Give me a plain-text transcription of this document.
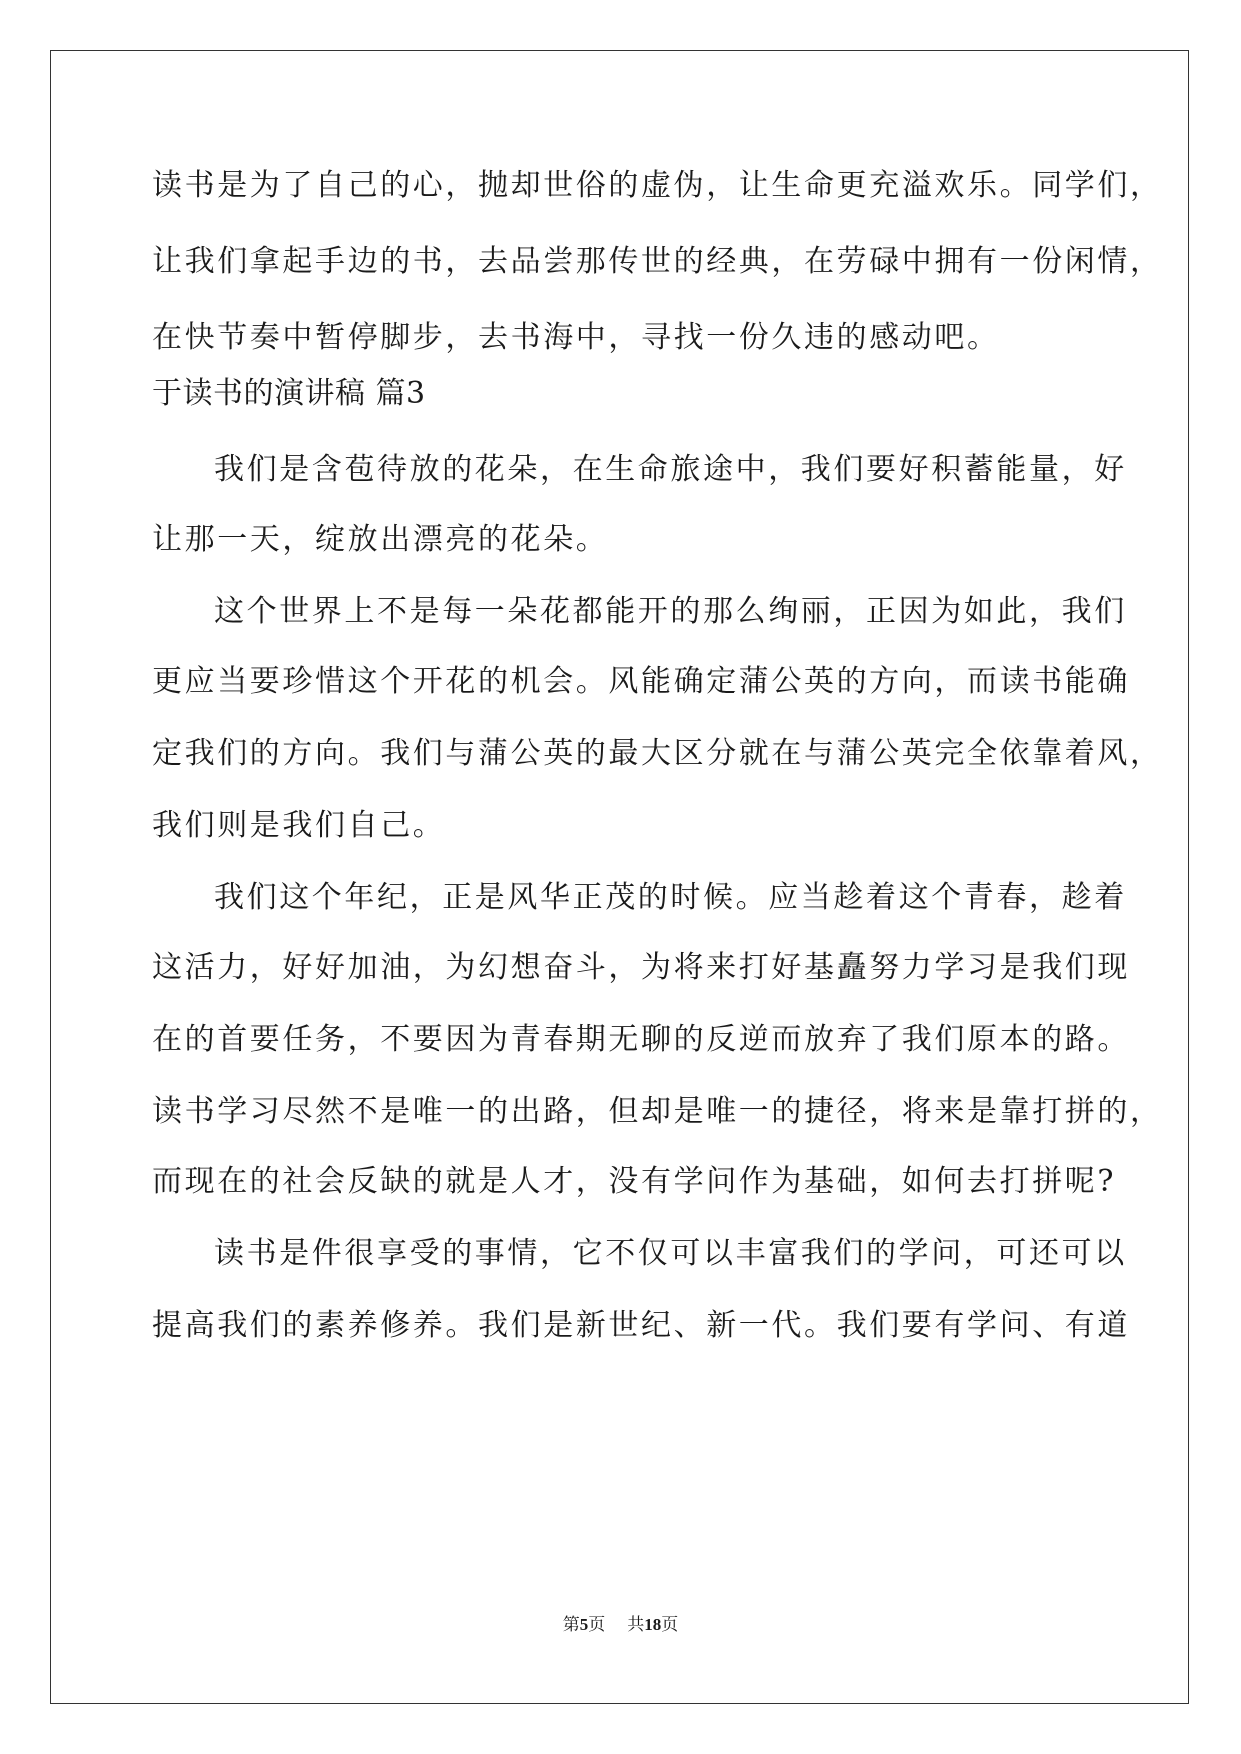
读书是为了自己的心，抛却世俗的虚伪，让生命更充溢欢乐。同学们，
让我们拿起手边的书，去品尝那传世的经典，在劳碌中拥有一份闲情，
在快节奏中暂停脚步，去书海中，寻找一份久违的感动吧。
于读书的演讲稿 篇3
我们是含苞待放的花朵，在生命旅途中，我们要好积蓄能量，好
让那一天，绽放出漂亮的花朵。
这个世界上不是每一朵花都能开的那么绚丽，正因为如此，我们
更应当要珍惜这个开花的机会。风能确定蒲公英的方向，而读书能确
定我们的方向。我们与蒲公英的最大区分就在与蒲公英完全依靠着风，
我们则是我们自己。
我们这个年纪，正是风华正茂的时候。应当趁着这个青春，趁着
这活力，好好加油，为幻想奋斗，为将来打好基矗努力学习是我们现
在的首要任务，不要因为青春期无聊的反逆而放弃了我们原本的路。
读书学习尽然不是唯一的出路，但却是唯一的捷径，将来是靠打拼的，
而现在的社会反缺的就是人才，没有学问作为基础，如何去打拼呢?
读书是件很享受的事情，它不仅可以丰富我们的学问，可还可以
提高我们的素养修养。我们是新世纪、新一代。我们要有学问、有道
第5页 共18页
